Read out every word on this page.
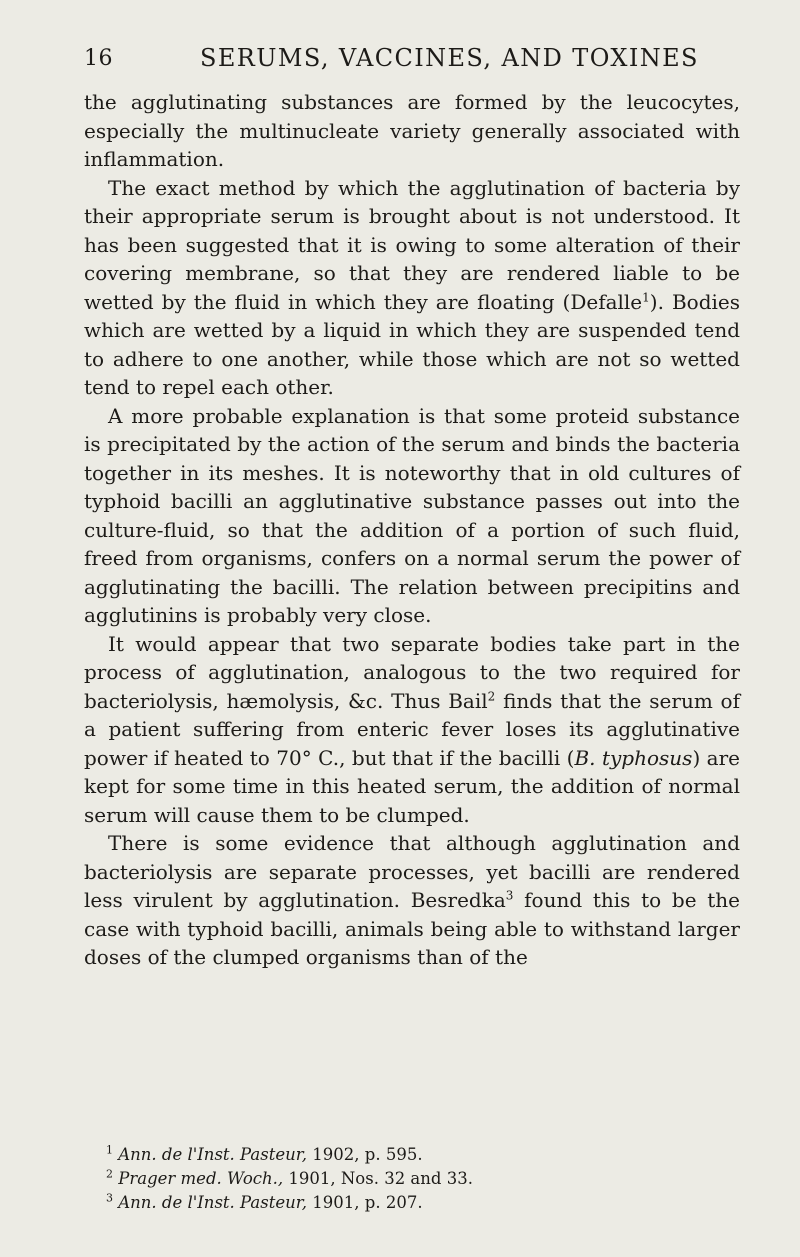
16	SERUMS, VACCINES, AND TOXINES

the agglutinating substances are formed by the leucocytes, especially the multinucleate variety generally associated with inflammation.

The exact method by which the agglutination of bacteria by their appropriate serum is brought about is not understood. It has been suggested that it is owing to some alteration of their covering membrane, so that they are rendered liable to be wetted by the fluid in which they are floating (Defalle$^1$). Bodies which are wetted by a liquid in which they are suspended tend to adhere to one another, while those which are not so wetted tend to repel each other.

A more probable explanation is that some proteid substance is precipitated by the action of the serum and binds the bacteria together in its meshes. It is noteworthy that in old cultures of typhoid bacilli an agglutinative substance passes out into the culture-fluid, so that the addition of a portion of such fluid, freed from organisms, confers on a normal serum the power of agglutinating the bacilli. The relation between precipitins and agglutinins is probably very close.

It would appear that two separate bodies take part in the process of agglutination, analogous to the two required for bacteriolysis, hæmolysis, &c. Thus Bail$^2$ finds that the serum of a patient suffering from enteric fever loses its agglutinative power if heated to 70° C., but that if the bacilli (B. typhosus) are kept for some time in this heated serum, the addition of normal serum will cause them to be clumped.

There is some evidence that although agglutination and bacteriolysis are separate processes, yet bacilli are rendered less virulent by agglutination. Besredka$^3$ found this to be the case with typhoid bacilli, animals being able to withstand larger doses of the clumped organisms than of the

$^1$ Ann. de l'Inst. Pasteur, 1902, p. 595.

$^2$ Prager med. Woch., 1901, Nos. 32 and 33.

$^3$ Ann. de l'Inst. Pasteur, 1901, p. 207.
